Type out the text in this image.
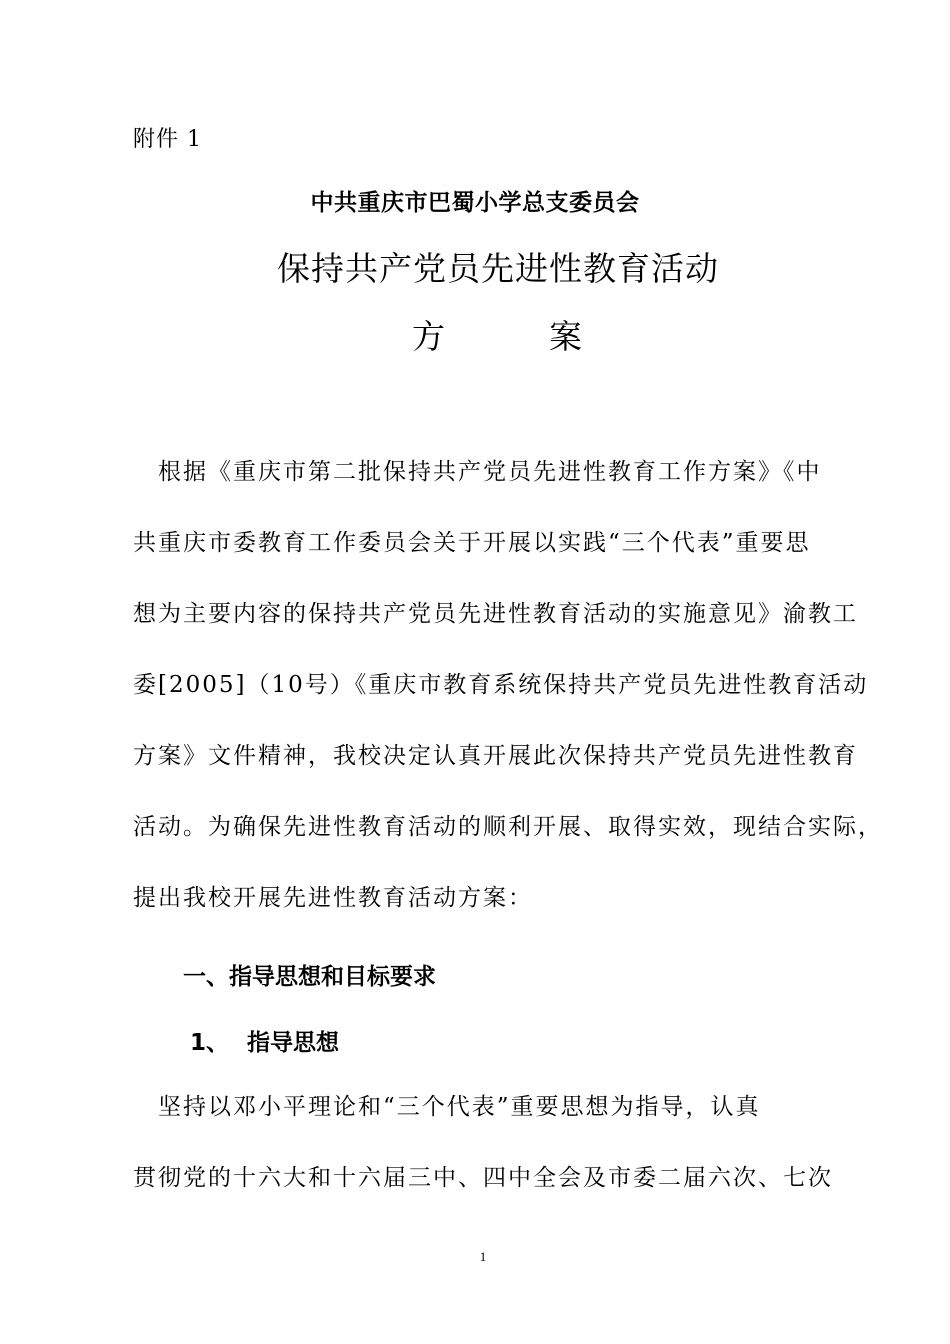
附件 1
中共重庆市巴蜀小学总支委员会
保持共产党员先进性教育活动
方	案
　根据《重庆市第二批保持共产党员先进性教育工作方案》《中
共重庆市委教育工作委员会关于开展以实践“三个代表”重要思
想为主要内容的保持共产党员先进性教育活动的实施意见》渝教工
委[2005]（10号）《重庆市教育系统保持共产党员先进性教育活动
方案》文件精神，我校决定认真开展此次保持共产党员先进性教育
活动。为确保先进性教育活动的顺利开展、取得实效，现结合实际，
提出我校开展先进性教育活动方案：
一、指导思想和目标要求
1、 指导思想
　坚持以邓小平理论和“三个代表”重要思想为指导，认真
贯彻党的十六大和十六届三中、四中全会及市委二届六次、七次
1
